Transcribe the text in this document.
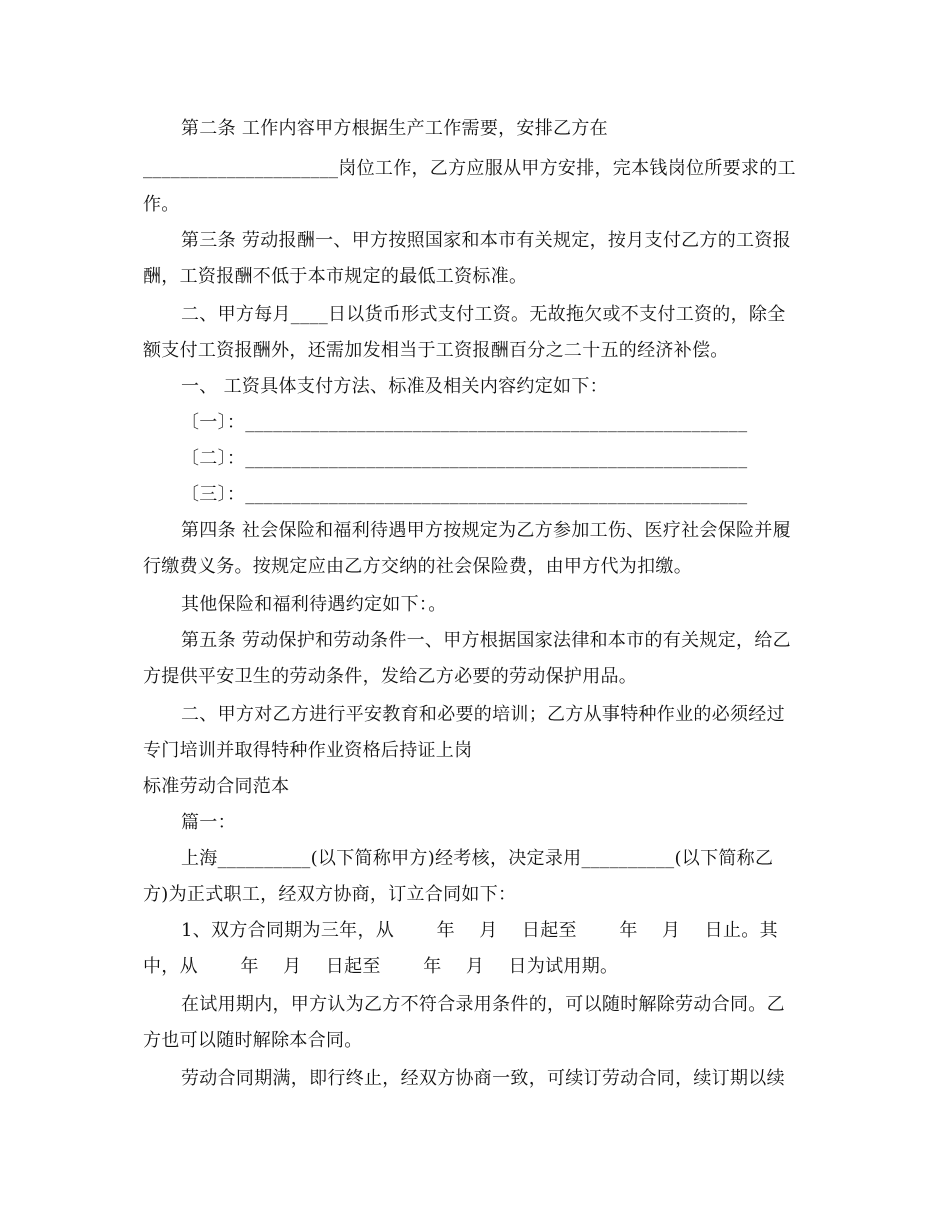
第二条 工作内容甲方根据生产工作需要，安排乙方在
_____________________岗位工作，乙方应服从甲方安排，完本钱岗位所要求的工
作。
第三条 劳动报酬一、甲方按照国家和本市有关规定，按月支付乙方的工资报
酬，工资报酬不低于本市规定的最低工资标准。
二、甲方每月____日以货币形式支付工资。无故拖欠或不支付工资的，除全
额支付工资报酬外，还需加发相当于工资报酬百分之二十五的经济补偿。
一、 工资具体支付方法、标准及相关内容约定如下：
〔一〕：______________________________________________________
〔二〕：______________________________________________________
〔三〕：______________________________________________________
第四条 社会保险和福利待遇甲方按规定为乙方参加工伤、医疗社会保险并履
行缴费义务。按规定应由乙方交纳的社会保险费，由甲方代为扣缴。
其他保险和福利待遇约定如下：。
第五条 劳动保护和劳动条件一、甲方根据国家法律和本市的有关规定，给乙
方提供平安卫生的劳动条件，发给乙方必要的劳动保护用品。
二、甲方对乙方进行平安教育和必要的培训；乙方从事特种作业的必须经过
专门培训并取得特种作业资格后持证上岗
标准劳动合同范本
篇一：
上海__________(以下简称甲方)经考核，决定录用__________(以下简称乙
方)为正式职工，经双方协商，订立合同如下：
1、双方合同期为三年，从　　 年　 月　 日起至　　 年　 月　 日止。其
中，从　　 年　 月　 日起至　　 年　 月　 日为试用期。
在试用期内，甲方认为乙方不符合录用条件的，可以随时解除劳动合同。乙
方也可以随时解除本合同。
劳动合同期满，即行终止，经双方协商一致，可续订劳动合同，续订期以续
